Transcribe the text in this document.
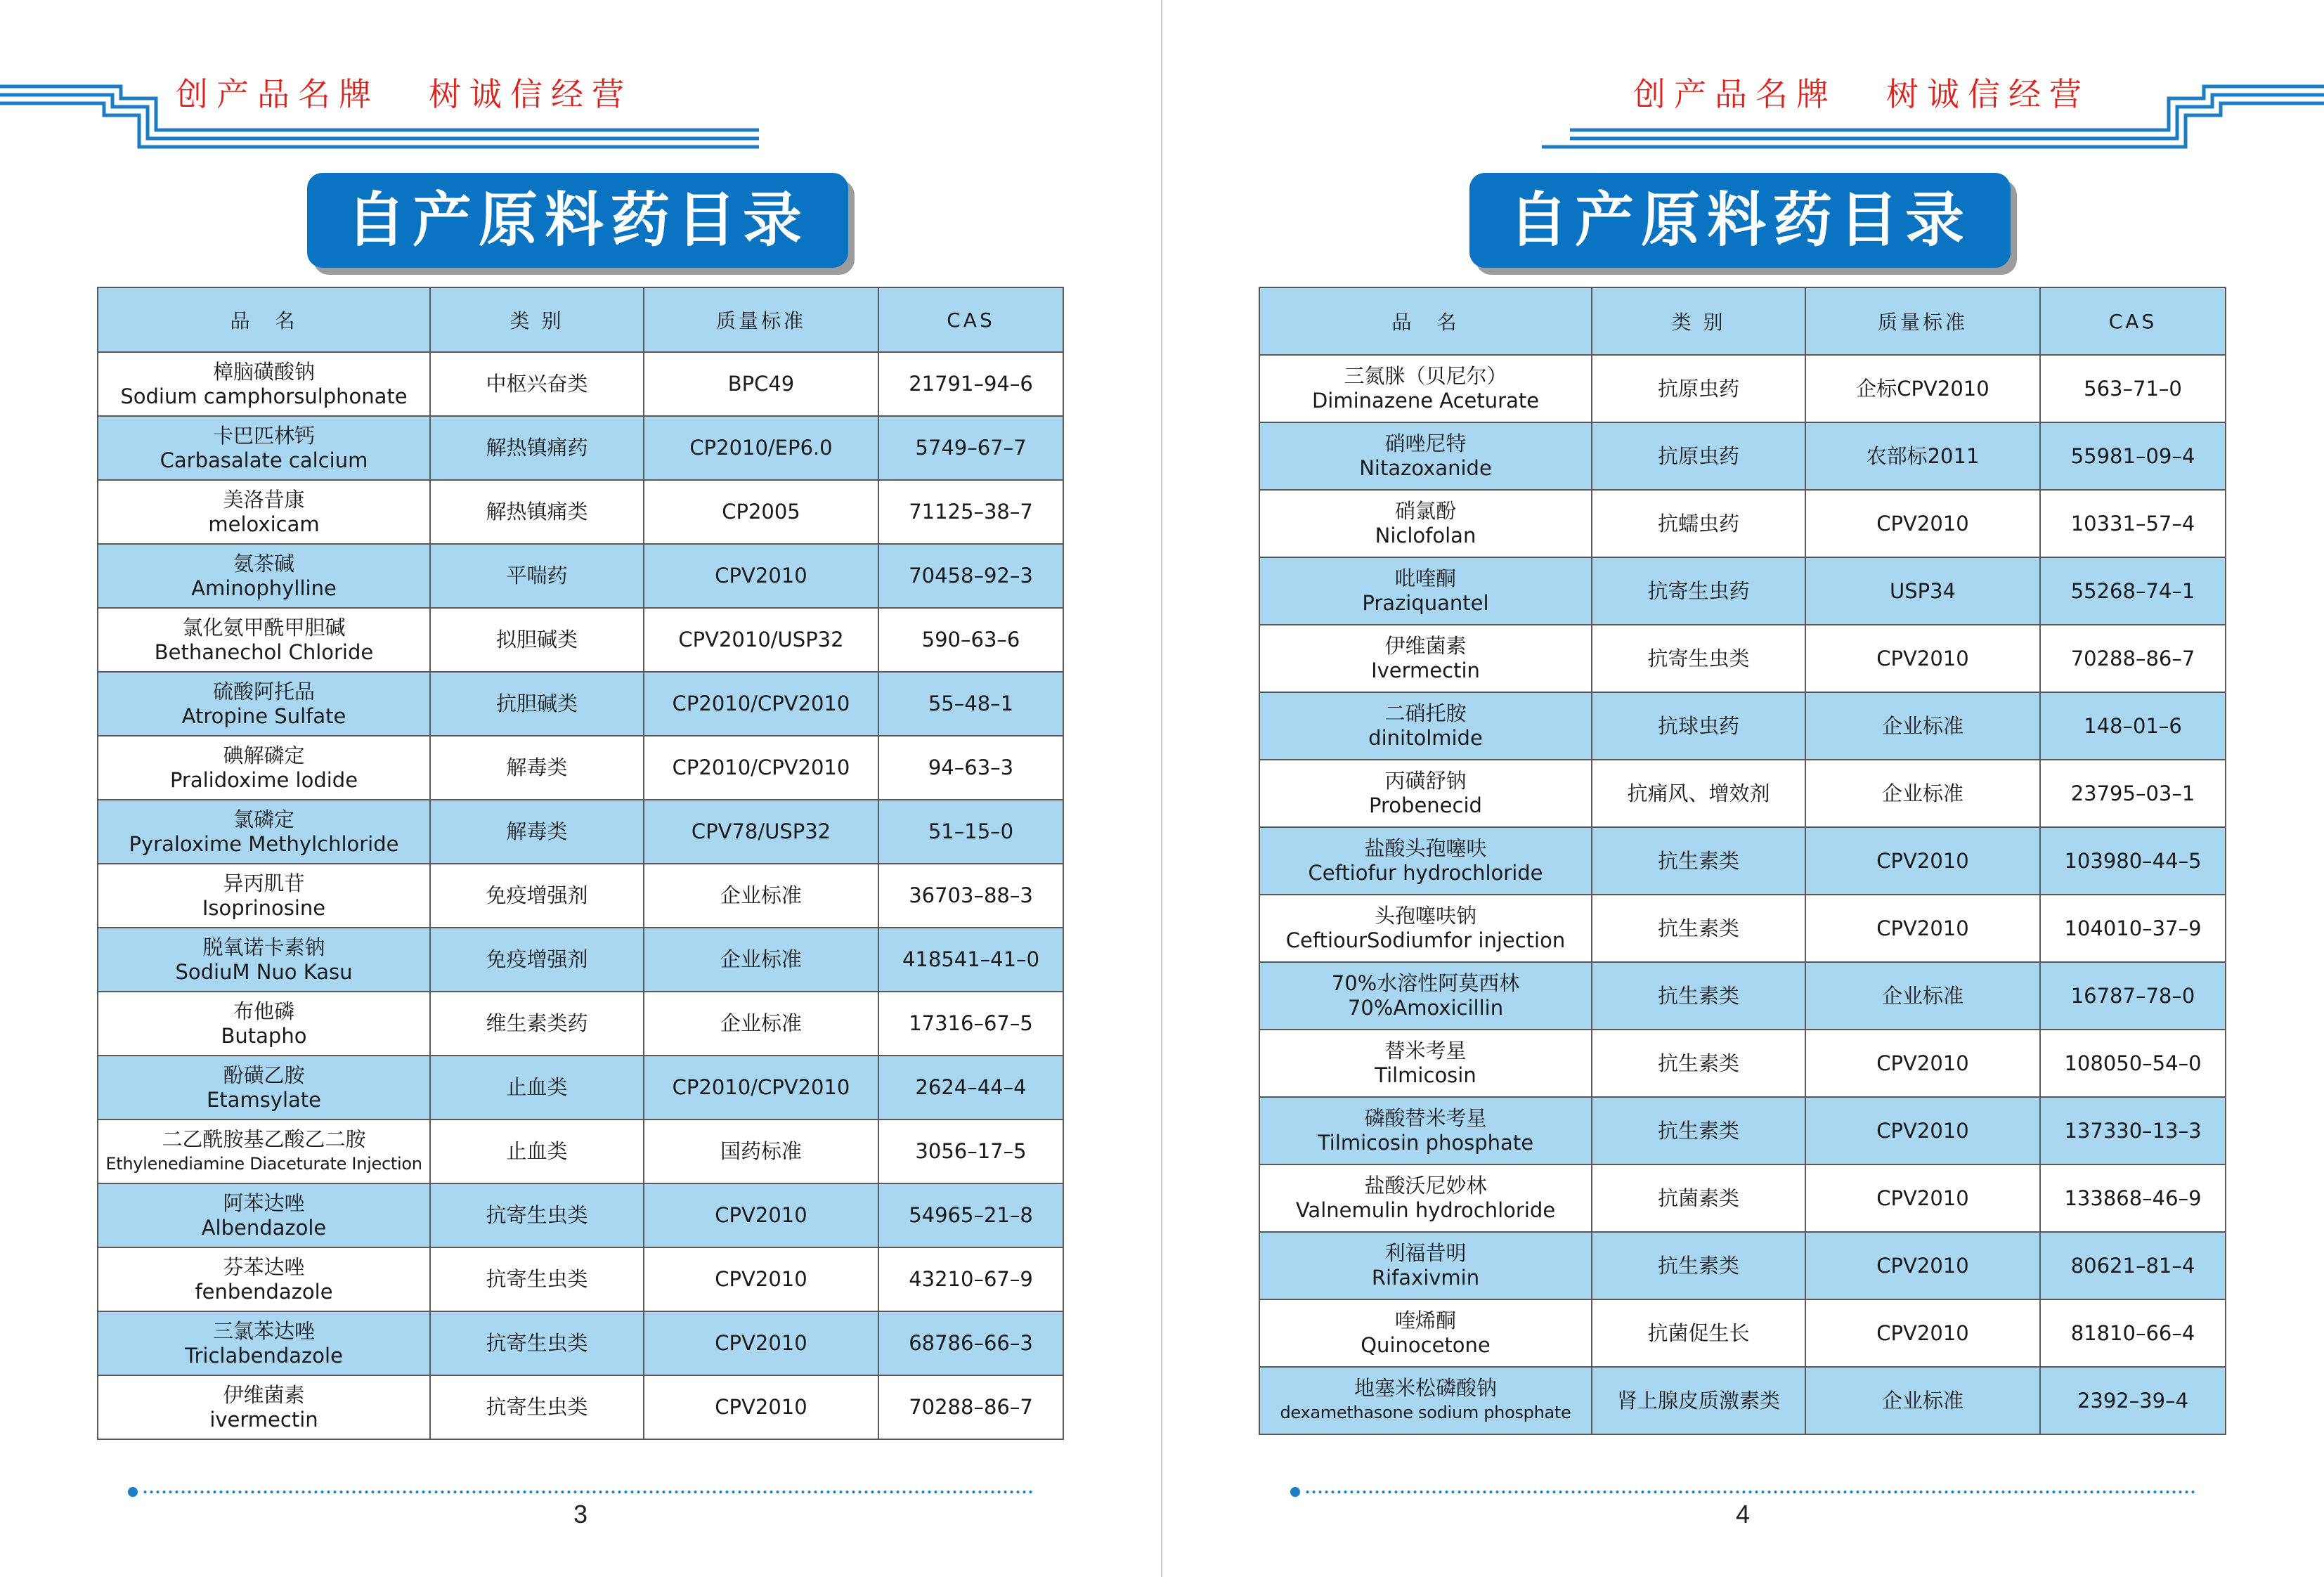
创产品名牌 树诚信经营
自产原料药目录
品　名	类 别	质量标准	CAS

樟脑磺酸钠
Sodium camphorsulphonate	中枢兴奋类	BPC49	21791–94–6

卡巴匹林钙
Carbasalate calcium	解热镇痛药	CP2010/EP6.0	5749–67–7

美洛昔康
meloxicam	解热镇痛类	CP2005	71125–38–7

氨茶碱
Aminophylline	平喘药	CPV2010	70458–92–3

氯化氨甲酰甲胆碱
Bethanechol Chloride	拟胆碱类	CPV2010/USP32	590–63–6

硫酸阿托品
Atropine Sulfate	抗胆碱类	CP2010/CPV2010	55–48–1

碘解磷定
Pralidoxime lodide	解毒类	CP2010/CPV2010	94–63–3

氯磷定
Pyraloxime Methylchloride	解毒类	CPV78/USP32	51–15–0

异丙肌苷
Isoprinosine	免疫增强剂	企业标准	36703–88–3

脱氧诺卡素钠
SodiuM Nuo Kasu	免疫增强剂	企业标准	418541–41–0

布他磷
Butapho	维生素类药	企业标准	17316–67–5

酚磺乙胺
Etamsylate	止血类	CP2010/CPV2010	2624–44–4

二乙酰胺基乙酸乙二胺
Ethylenediamine Diaceturate Injection	止血类	国药标准	3056–17–5

阿苯达唑
Albendazole	抗寄生虫类	CPV2010	54965–21–8

芬苯达唑
fenbendazole	抗寄生虫类	CPV2010	43210–67–9

三氯苯达唑
Triclabendazole	抗寄生虫类	CPV2010	68786–66–3

伊维菌素
ivermectin	抗寄生虫类	CPV2010	70288–86–7
3
创产品名牌 树诚信经营
自产原料药目录
品　名	类 别	质量标准	CAS

三氮脒（贝尼尔）
Diminazene Aceturate	抗原虫药	企标CPV2010	563–71–0

硝唑尼特
Nitazoxanide	抗原虫药	农部标2011	55981–09–4

硝氯酚
Niclofolan	抗蠕虫药	CPV2010	10331–57–4

吡喹酮
Praziquantel	抗寄生虫药	USP34	55268–74–1

伊维菌素
Ivermectin	抗寄生虫类	CPV2010	70288–86–7

二硝托胺
dinitolmide	抗球虫药	企业标准	148–01–6

丙磺舒钠
Probenecid	抗痛风、增效剂	企业标准	23795–03–1

盐酸头孢噻呋
Ceftiofur hydrochloride	抗生素类	CPV2010	103980–44–5

头孢噻呋钠
CeftiourSodiumfor injection	抗生素类	CPV2010	104010–37–9

70%水溶性阿莫西林
70%Amoxicillin	抗生素类	企业标准	16787–78–0

替米考星
Tilmicosin	抗生素类	CPV2010	108050–54–0

磷酸替米考星
Tilmicosin phosphate	抗生素类	CPV2010	137330–13–3

盐酸沃尼妙林
Valnemulin hydrochloride	抗菌素类	CPV2010	133868–46–9

利福昔明
Rifaxivmin	抗生素类	CPV2010	80621–81–4

喹烯酮
Quinocetone	抗菌促生长	CPV2010	81810–66–4

地塞米松磷酸钠
dexamethasone sodium phosphate	肾上腺皮质激素类	企业标准	2392–39–4
4
